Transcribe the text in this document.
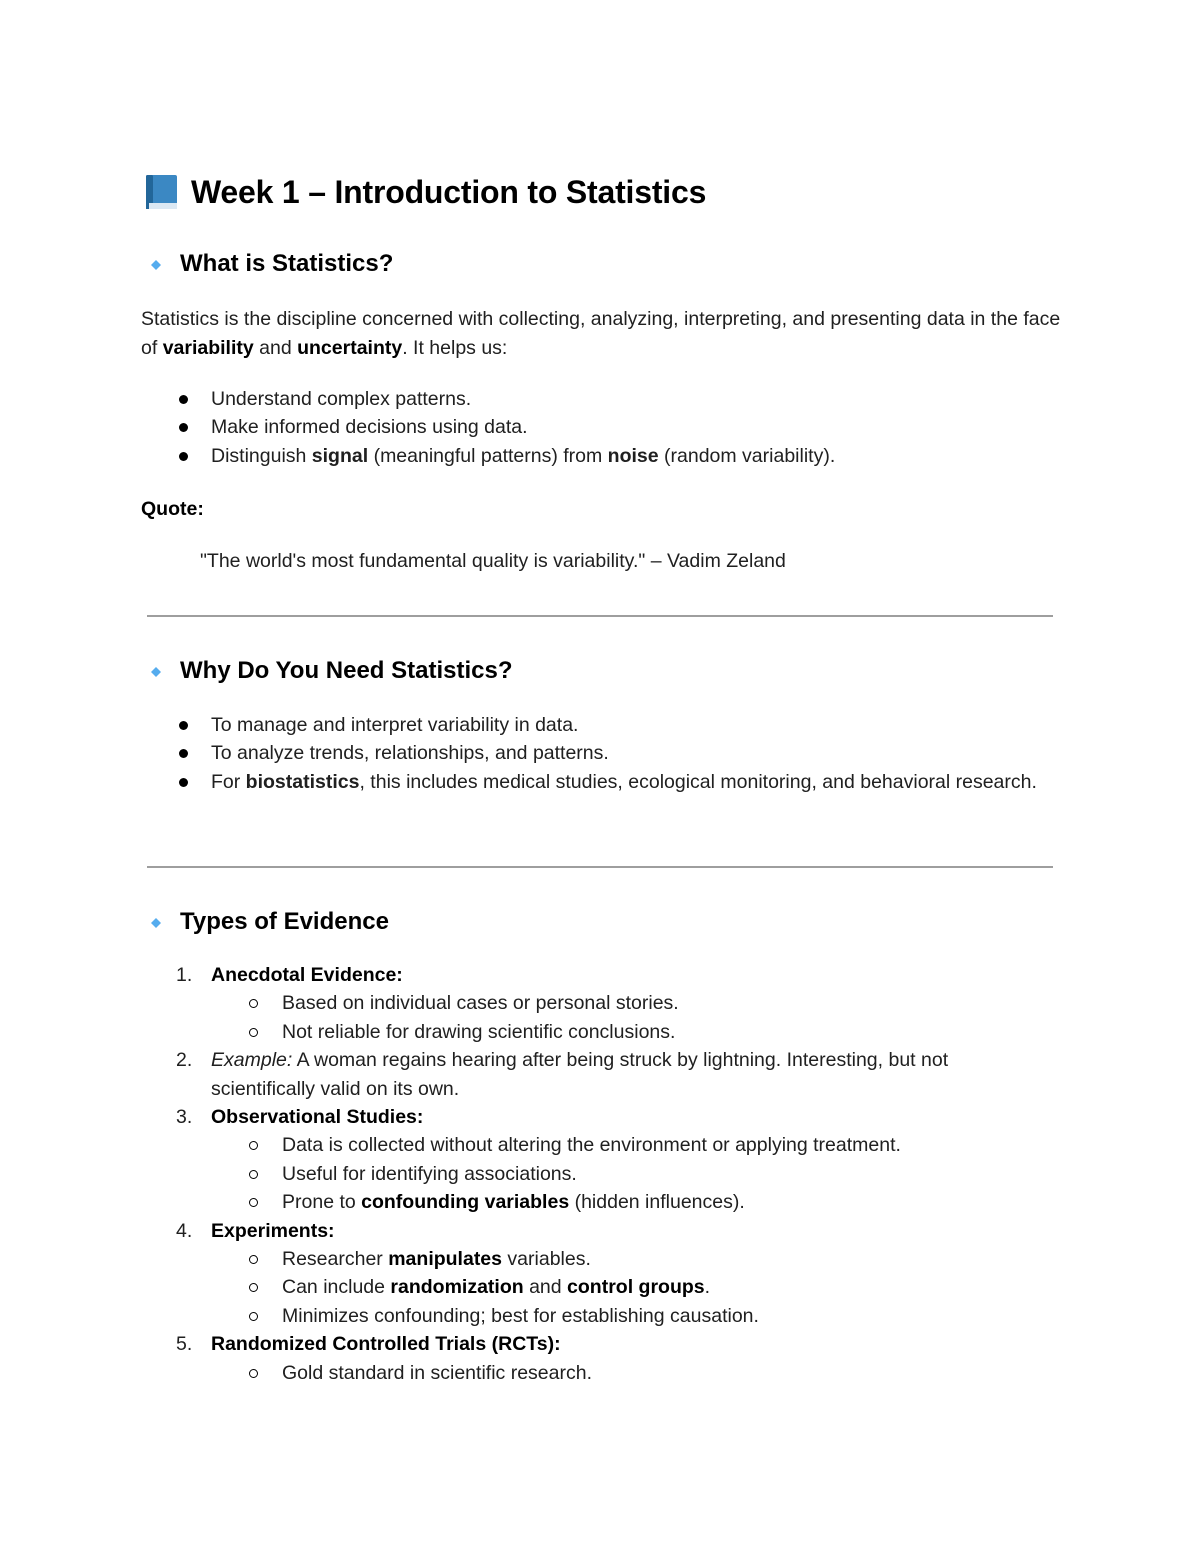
Week 1 – Introduction to Statistics
What is Statistics?
Statistics is the discipline concerned with collecting, analyzing, interpreting, and presenting data in the face of variability and uncertainty. It helps us:
Understand complex patterns.
Make informed decisions using data.
Distinguish signal (meaningful patterns) from noise (random variability).
Quote:
"The world's most fundamental quality is variability." – Vadim Zeland
Why Do You Need Statistics?
To manage and interpret variability in data.
To analyze trends, relationships, and patterns.
For biostatistics, this includes medical studies, ecological monitoring, and behavioral research.
Types of Evidence
1. Anecdotal Evidence:
Based on individual cases or personal stories.
Not reliable for drawing scientific conclusions.
2. Example: A woman regains hearing after being struck by lightning. Interesting, but not scientifically valid on its own.
3. Observational Studies:
Data is collected without altering the environment or applying treatment.
Useful for identifying associations.
Prone to confounding variables (hidden influences).
4. Experiments:
Researcher manipulates variables.
Can include randomization and control groups.
Minimizes confounding; best for establishing causation.
5. Randomized Controlled Trials (RCTs):
Gold standard in scientific research.
